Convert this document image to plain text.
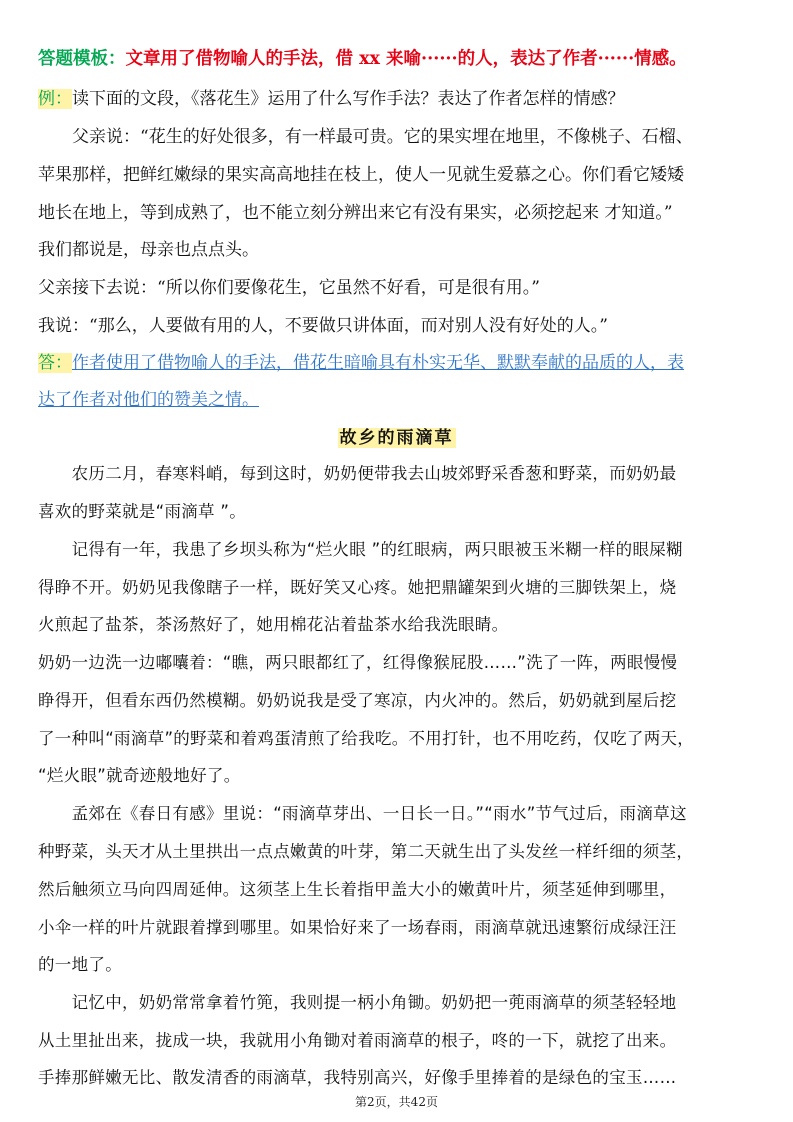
答题模板：文章用了借物喻人的手法，借 xx 来喻······的人，表达了作者······情感。
例：读下面的文段，《落花生》运用了什么写作手法？表达了作者怎样的情感？
　　父亲说：“花生的好处很多，有一样最可贵。它的果实埋在地里，不像桃子、石榴、
苹果那样，把鲜红嫩绿的果实高高地挂在枝上，使人一见就生爱慕之心。你们看它矮矮
地长在地上，等到成熟了，也不能立刻分辨出来它有没有果实，必须挖起来 才知道。”
我们都说是，母亲也点点头。
父亲接下去说：“所以你们要像花生，它虽然不好看，可是很有用。”
我说：“那么，人要做有用的人，不要做只讲体面，而对别人没有好处的人。”
答：作者使用了借物喻人的手法，借花生暗喻具有朴实无华、默默奉献的品质的人，表
达了作者对他们的赞美之情。
故乡的雨滴草
　　农历二月，春寒料峭，每到这时，奶奶便带我去山坡郊野采香葱和野菜，而奶奶最
喜欢的野菜就是“雨滴草 ”。
　　记得有一年，我患了乡坝头称为“烂火眼 ”的红眼病，两只眼被玉米糊一样的眼屎糊
得睁不开。奶奶见我像瞎子一样，既好笑又心疼。她把鼎罐架到火塘的三脚铁架上，烧
火煎起了盐茶，茶汤熬好了，她用棉花沾着盐茶水给我洗眼睛。
奶奶一边洗一边嘟囔着：“瞧，两只眼都红了，红得像猴屁股……”洗了一阵，两眼慢慢
睁得开，但看东西仍然模糊。奶奶说我是受了寒凉，内火冲的。然后，奶奶就到屋后挖
了一种叫“雨滴草”的野菜和着鸡蛋清煎了给我吃。不用打针，也不用吃药，仅吃了两天，
“烂火眼”就奇迹般地好了。
　　孟郊在《春日有感》里说：“雨滴草芽出、一日长一日。”“雨水”节气过后，雨滴草这
种野菜，头天才从土里拱出一点点嫩黄的叶芽，第二天就生出了头发丝一样纤细的须茎，
然后触须立马向四周延伸。这须茎上生长着指甲盖大小的嫩黄叶片，须茎延伸到哪里，
小伞一样的叶片就跟着撑到哪里。如果恰好来了一场春雨，雨滴草就迅速繁衍成绿汪汪
的一地了。
　　记忆中，奶奶常常拿着竹篼，我则提一柄小角锄。奶奶把一蔸雨滴草的须茎轻轻地
从土里扯出来，拢成一块，我就用小角锄对着雨滴草的根子，咚的一下，就挖了出来。
手捧那鲜嫩无比、散发清香的雨滴草，我特别高兴，好像手里捧着的是绿色的宝玉……
第2页，共42页
